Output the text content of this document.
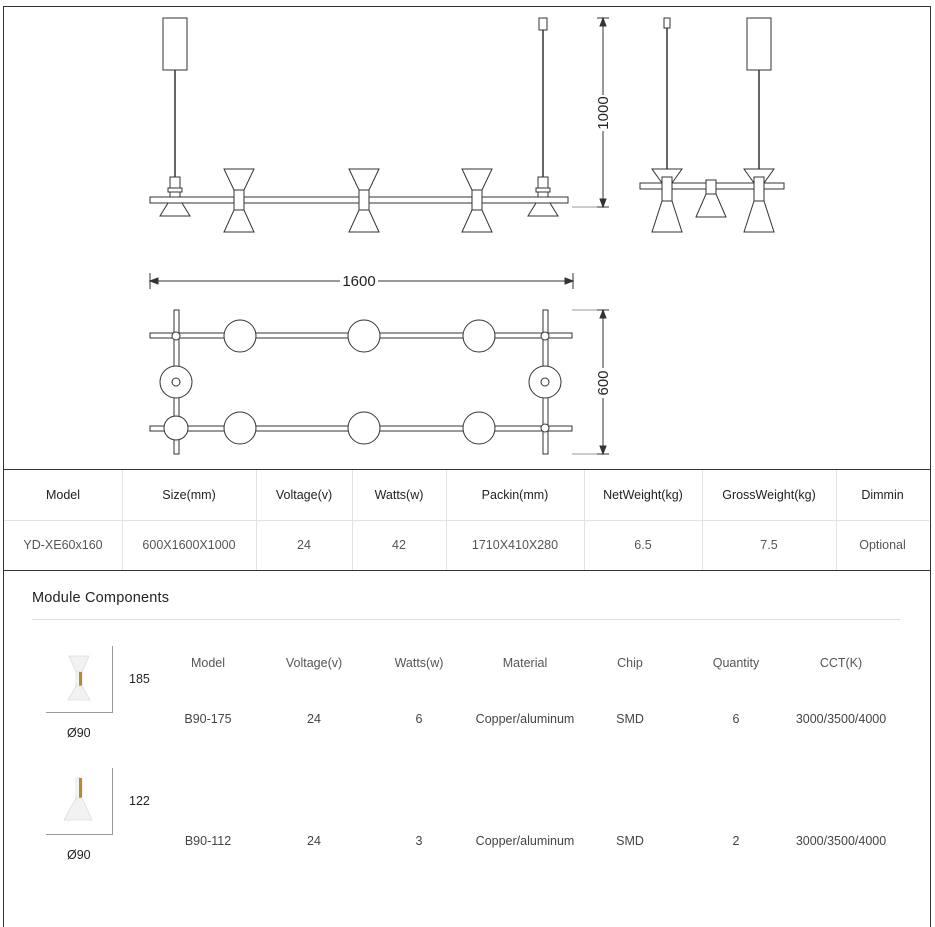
1000
1600
600
Model	Size(mm)	Voltage(v)	Watts(w)	Packin(mm)	NetWeight(kg)	GrossWeight(kg)	Dimmin
YD-XE60x160	600X1600X1000	24	42	1710X410X280	6.5	7.5	Optional
Module Components
Model	Voltage(v)	Watts(w)	Material	Chip	Quantity	CCT(K)
185
Ø90
B90-175	24	6	Copper/aluminum	SMD	6	3000/3500/4000
122
Ø90
B90-112	24	3	Copper/aluminum	SMD	2	3000/3500/4000
